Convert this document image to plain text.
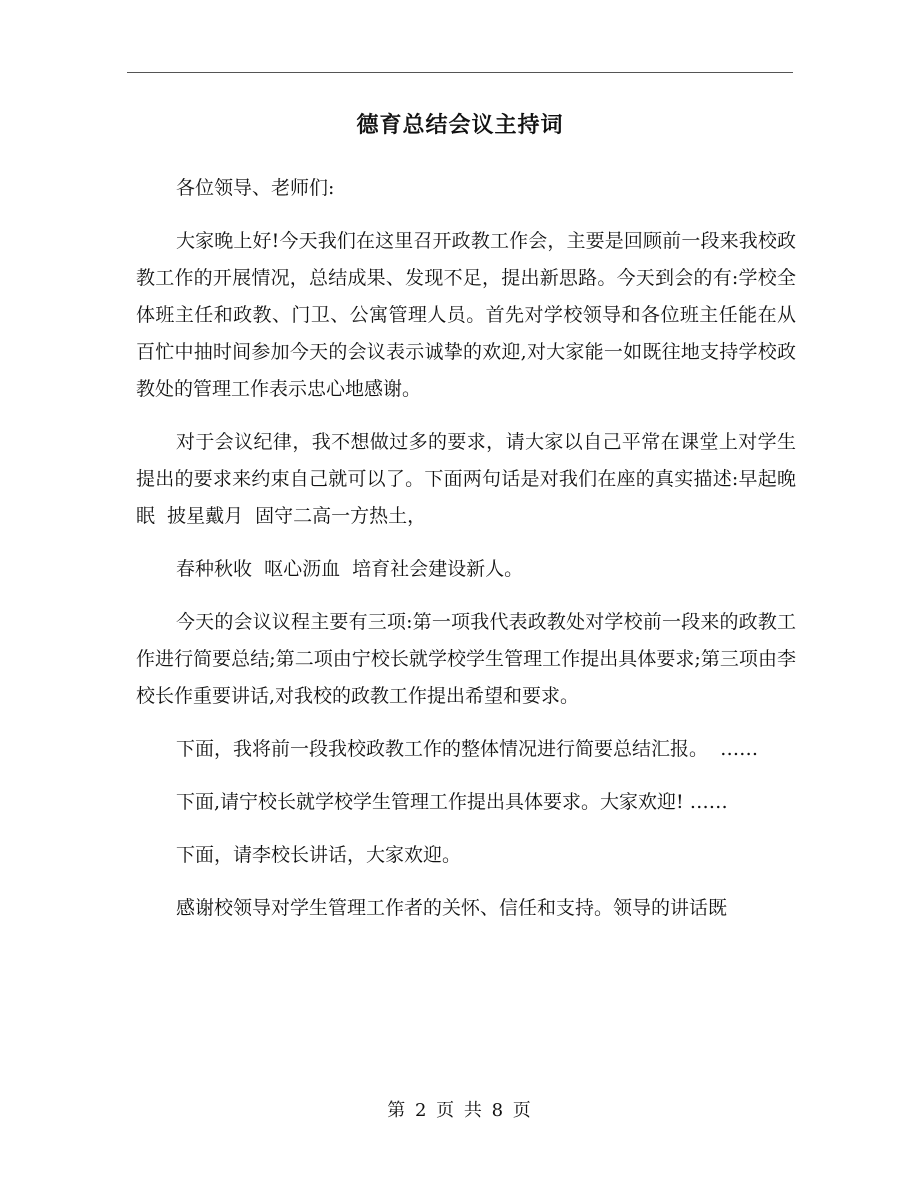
德育总结会议主持词

各位领导、老师们:

大家晚上好!今天我们在这里召开政教工作会，主要是回顾前一段来我校政教工作的开展情况，总结成果、发现不足，提出新思路。今天到会的有:学校全体班主任和政教、门卫、公寓管理人员。首先对学校领导和各位班主任能在从百忙中抽时间参加今天的会议表示诚挚的欢迎,对大家能一如既往地支持学校政教处的管理工作表示忠心地感谢。

对于会议纪律，我不想做过多的要求，请大家以自己平常在课堂上对学生提出的要求来约束自己就可以了。下面两句话是对我们在座的真实描述:早起晚眠  披星戴月  固守二高一方热土，

春种秋收  呕心沥血  培育社会建设新人。

今天的会议议程主要有三项:第一项我代表政教处对学校前一段来的政教工作进行简要总结;第二项由宁校长就学校学生管理工作提出具体要求;第三项由李校长作重要讲话,对我校的政教工作提出希望和要求。

下面，我将前一段我校政教工作的整体情况进行简要总结汇报。  ……

下面,请宁校长就学校学生管理工作提出具体要求。大家欢迎! ……

下面，请李校长讲话，大家欢迎。

感谢校领导对学生管理工作者的关怀、信任和支持。领导的讲话既

第 2 页 共 8 页
